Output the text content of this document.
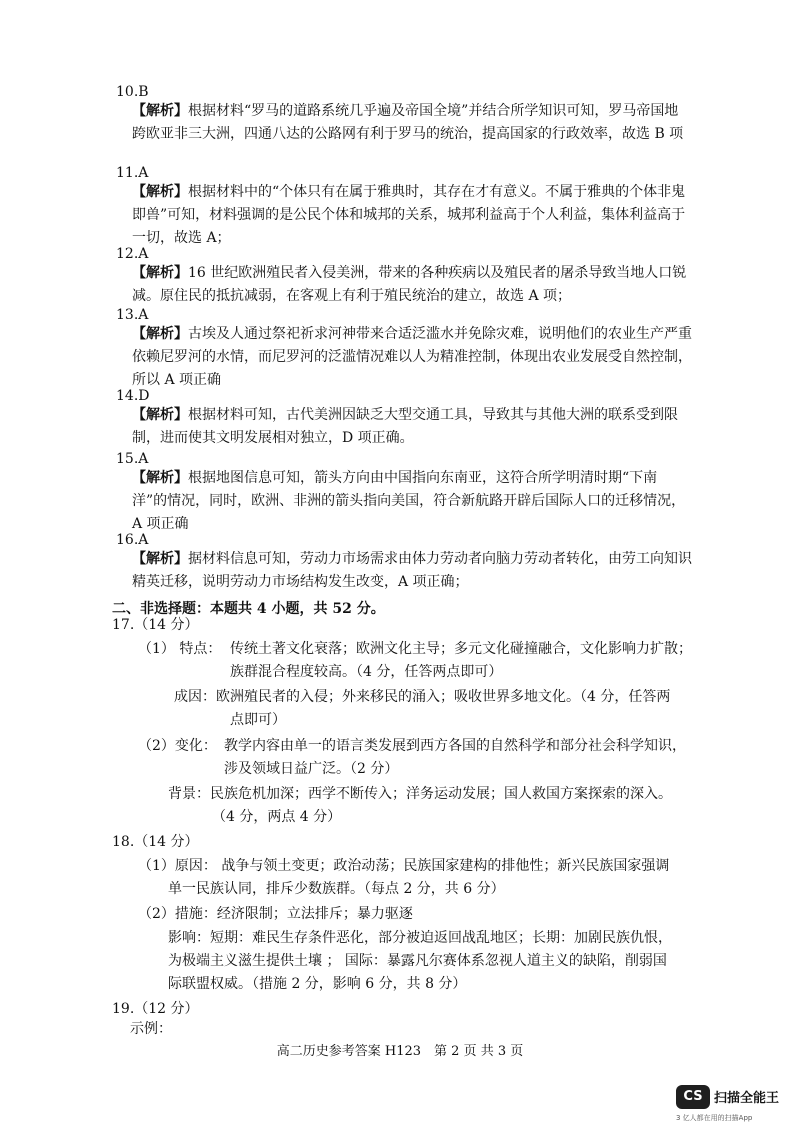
10.B
【解析】根据材料“罗马的道路系统几乎遍及帝国全境”并结合所学知识可知，罗马帝国地跨欧亚非三大洲，四通八达的公路网有利于罗马的统治，提高国家的行政效率，故选 B 项
11.A
【解析】根据材料中的“个体只有在属于雅典时，其存在才有意义。不属于雅典的个体非鬼即兽”可知，材料强调的是公民个体和城邦的关系，城邦利益高于个人利益，集体利益高于一切，故选 A；
12.A
【解析】16 世纪欧洲殖民者入侵美洲，带来的各种疾病以及殖民者的屠杀导致当地人口锐减。原住民的抵抗减弱，在客观上有利于殖民统治的建立，故选 A 项；
13.A
【解析】古埃及人通过祭祀祈求河神带来合适泛滥水并免除灾难，说明他们的农业生产严重依赖尼罗河的水情，而尼罗河的泛滥情况难以人为精准控制，体现出农业发展受自然控制，所以 A 项正确
14.D
【解析】根据材料可知，古代美洲因缺乏大型交通工具，导致其与其他大洲的联系受到限制，进而使其文明发展相对独立，D 项正确。
15.A
【解析】根据地图信息可知，箭头方向由中国指向东南亚，这符合所学明清时期“下南洋”的情况，同时，欧洲、非洲的箭头指向美国，符合新航路开辟后国际人口的迁移情况，A 项正确
16.A
【解析】据材料信息可知，劳动力市场需求由体力劳动者向脑力劳动者转化，由劳工向知识精英迁移，说明劳动力市场结构发生改变，A 项正确；
二、非选择题：本题共 4 小题，共 52 分。
17.（14 分）
（1） 特点： 传统土著文化衰落；欧洲文化主导；多元文化碰撞融合，文化影响力扩散；
族群混合程度较高。（4 分，任答两点即可）
成因：欧洲殖民者的入侵；外来移民的涌入；吸收世界多地文化。（4 分，任答两
点即可）
（2）变化： 教学内容由单一的语言类发展到西方各国的自然科学和部分社会科学知识，
涉及领域日益广泛。（2 分）
背景：民族危机加深；西学不断传入；洋务运动发展；国人救国方案探索的深入。
（4 分，两点 4 分）
18.（14 分）
（1）原因： 战争与领土变更；政治动荡；民族国家建构的排他性；新兴民族国家强调
单一民族认同，排斥少数族群。（每点 2 分，共 6 分）
（2）措施：经济限制；立法排斥；暴力驱逐
影响：短期：难民生存条件恶化，部分被迫返回战乱地区；长期：加剧民族仇恨，
为极端主义滋生提供土壤 ； 国际：暴露凡尔赛体系忽视人道主义的缺陷，削弱国
际联盟权威。（措施 2 分，影响 6 分，共 8 分）
19.（12 分）
示例：
高二历史参考答案 H123　第 2 页 共 3 页
CS 扫描全能王
3 亿人都在用的扫描App
